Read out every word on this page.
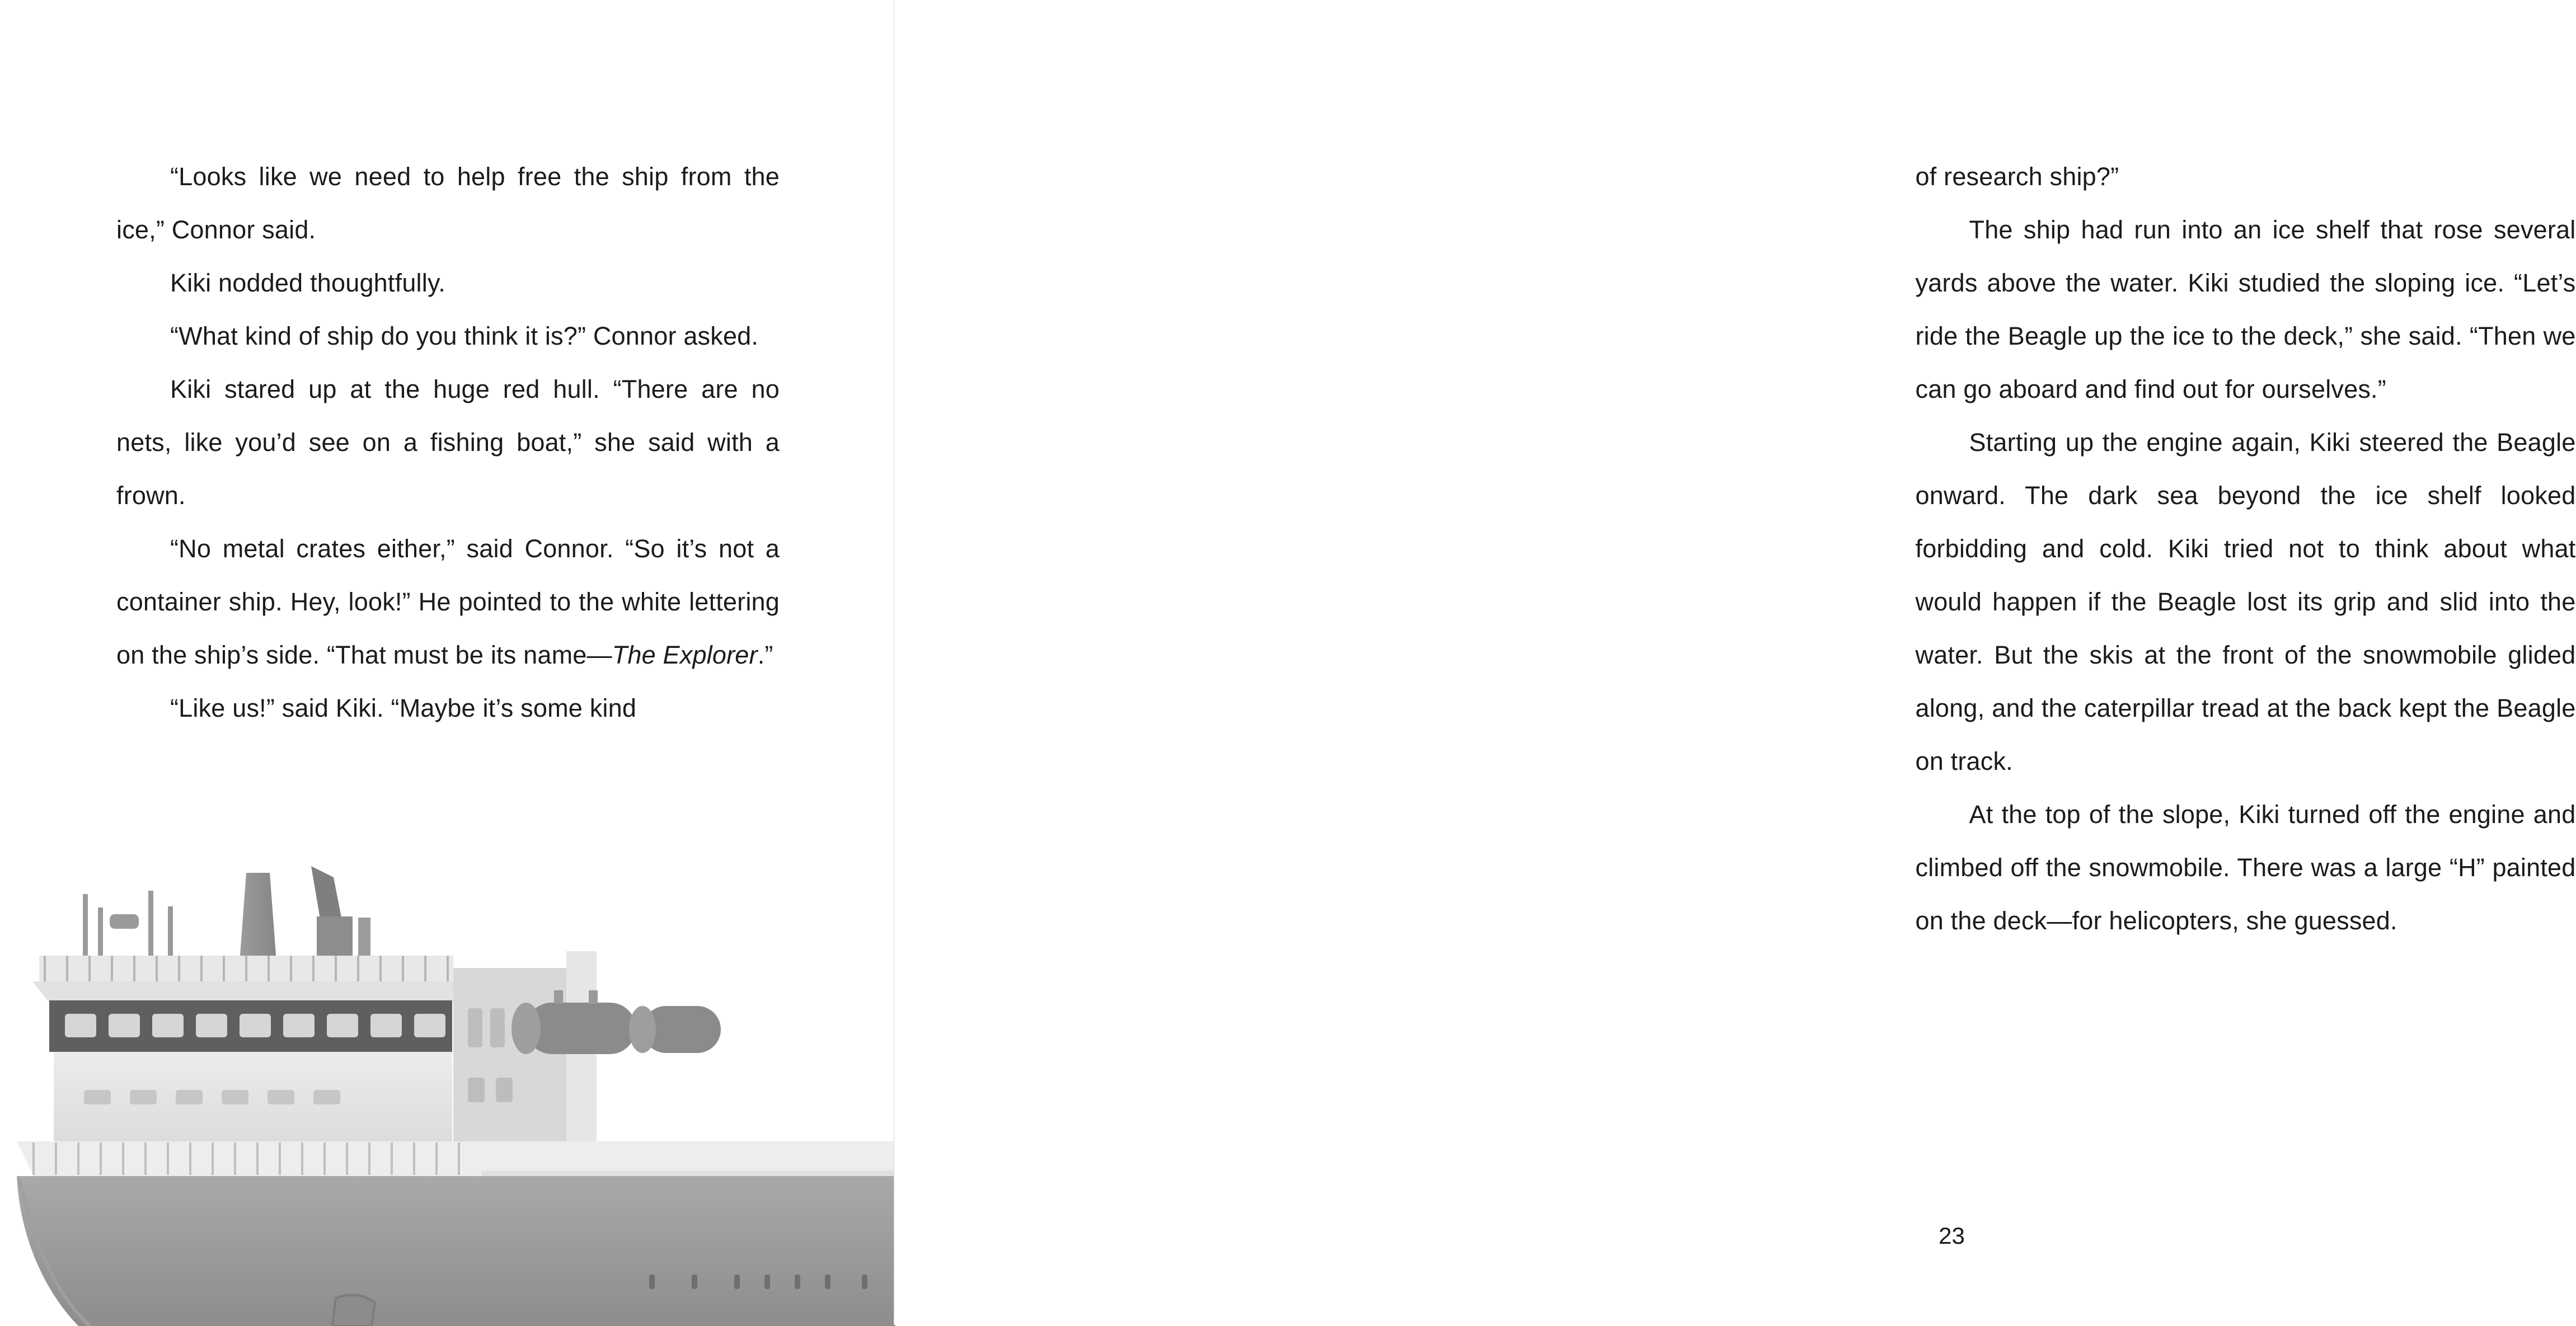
“Looks like we need to help free the ship from the ice,” Connor said.

Kiki nodded thoughtfully.

“What kind of ship do you think it is?” Connor asked.

Kiki stared up at the huge red hull. “There are no nets, like you’d see on a fishing boat,” she said with a frown.

“No metal crates either,” said Connor. “So it’s not a container ship. Hey, look!” He pointed to the white lettering on the ship’s side. “That must be its name—The Explorer.”

“Like us!” said Kiki. “Maybe it’s some kind

of research ship?”

The ship had run into an ice shelf that rose several yards above the water. Kiki studied the sloping ice. “Let’s ride the Beagle up the ice to the deck,” she said. “Then we can go aboard and find out for ourselves.”

Starting up the engine again, Kiki steered the Beagle onward. The dark sea beyond the ice shelf looked forbidding and cold. Kiki tried not to think about what would happen if the Beagle lost its grip and slid into the water. But the skis at the front of the snowmobile glided along, and the caterpillar tread at the back kept the Beagle on track.

At the top of the slope, Kiki turned off the engine and climbed off the snowmobile. There was a large “H” painted on the deck—for helicopters, she guessed.

23
